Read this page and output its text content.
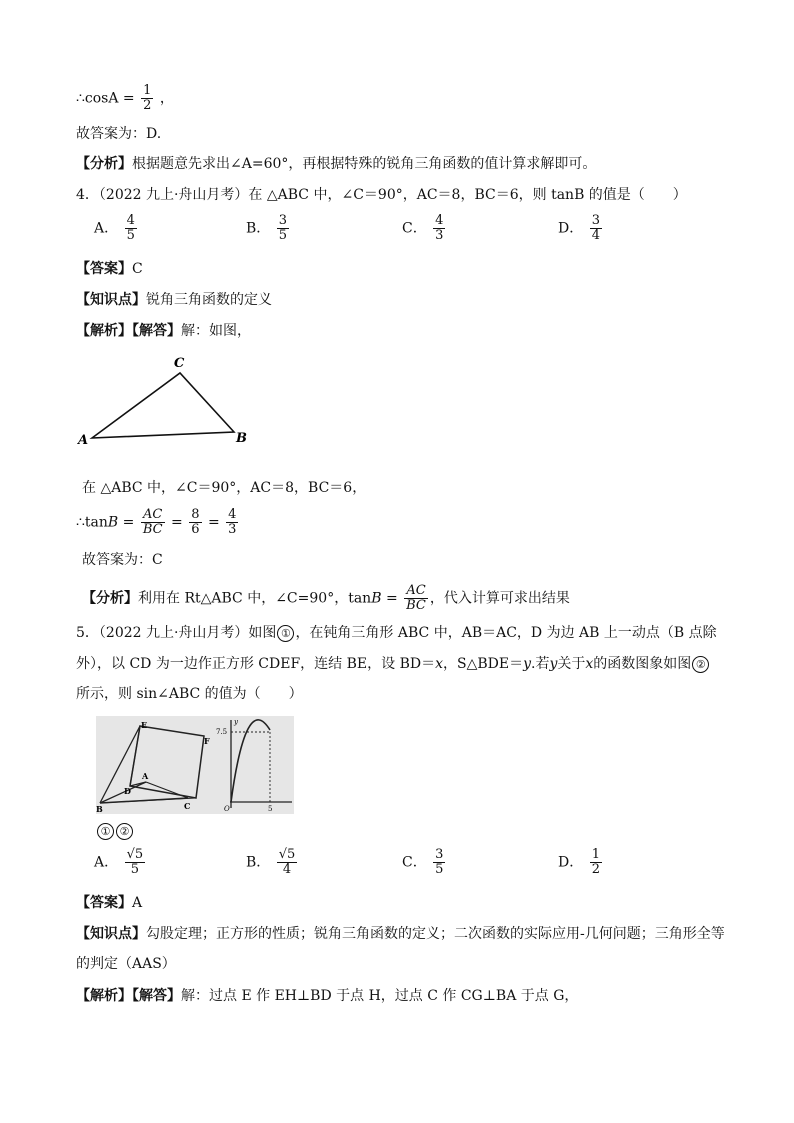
∴cosA = $\frac{1}{2}$ ，
故答案为：D.
【分析】根据题意先求出∠A=60°，再根据特殊的锐角三角函数的值计算求解即可。
4．（2022 九上·舟山月考）在 △ABC 中，∠C＝90°，AC＝8，BC＝6，则 tanB 的值是（　　）
A． $\frac{4}{5}$	B． $\frac{3}{5}$	C． $\frac{4}{3}$	D． $\frac{3}{4}$
【答案】C
【知识点】锐角三角函数的定义
【解析】【解答】解：如图，
A
C
B
在 △ABC 中，∠C＝90°，AC＝8，BC＝6，
∴tanB = $\frac{AC}{BC} = \frac{8}{6} = \frac{4}{3}$
故答案为：C
【分析】利用在 Rt△ABC 中，∠C=90°，$\tan B = \frac{AC}{BC}$ ，代入计算可求出结果
5．（2022 九上·舟山月考）如图 ① ，在钝角三角形 ABC 中，AB＝AC，D 为边 AB 上一动点（B 点除
外），以 CD 为一边作正方形 CDEF，连结 BE，设 BD＝x，S△BDE＝y.若y关于x的函数图象如图 ②
所示，则 sin∠ABC 的值为（　　）
E
F
A
D
B	C
y
7.5
O	5
① ②
A． $\frac{√5}{5}$	B． $\frac{√5}{4}$	C． $\frac{3}{5}$	D． $\frac{1}{2}$
【答案】A
【知识点】勾股定理；正方形的性质；锐角三角函数的定义；二次函数的实际应用-几何问题；三角形全等
的判定（AAS）
【解析】【解答】解：过点 E 作 EH⊥BD 于点 H，过点 C 作 CG⊥BA 于点 G，
